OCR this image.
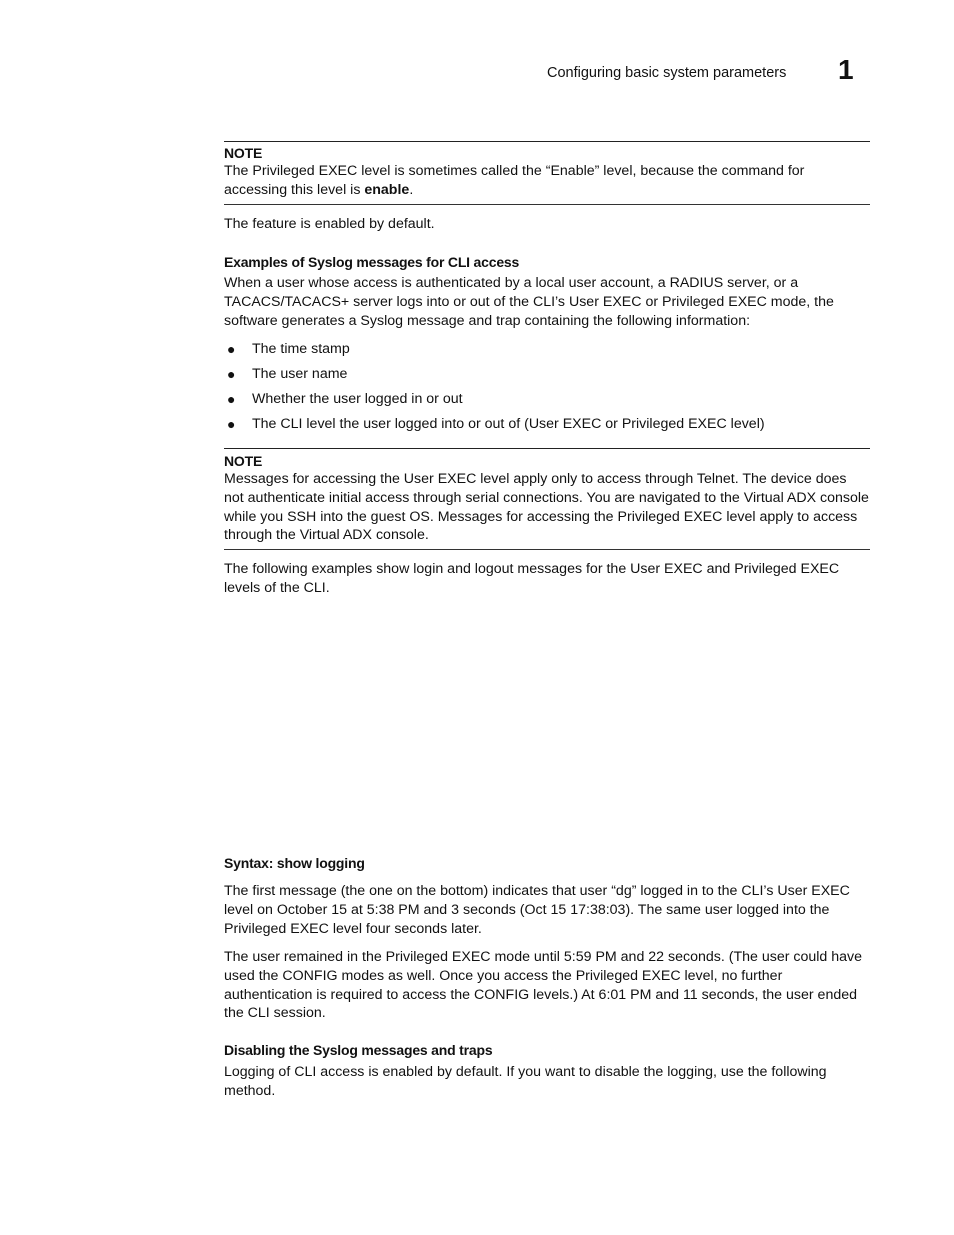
Configuring basic system parameters 1
NOTE

The Privileged EXEC level is sometimes called the “Enable” level, because the command for accessing this level is enable.

The feature is enabled by default.

Examples of Syslog messages for CLI access

When a user whose access is authenticated by a local user account, a RADIUS server, or a TACACS/TACACS+ server logs into or out of the CLI’s User EXEC or Privileged EXEC mode, the software generates a Syslog message and trap containing the following information:

● The time stamp
● The user name
● Whether the user logged in or out
● The CLI level the user logged into or out of (User EXEC or Privileged EXEC level)
NOTE

Messages for accessing the User EXEC level apply only to access through Telnet. The device does not authenticate initial access through serial connections. You are navigated to the Virtual ADX console while you SSH into the guest OS. Messages for accessing the Privileged EXEC level apply to access through the Virtual ADX console.

The following examples show login and logout messages for the User EXEC and Privileged EXEC levels of the CLI.

Syntax: show logging

The first message (the one on the bottom) indicates that user “dg” logged in to the CLI’s User EXEC level on October 15 at 5:38 PM and 3 seconds (Oct 15 17:38:03). The same user logged into the Privileged EXEC level four seconds later.

The user remained in the Privileged EXEC mode until 5:59 PM and 22 seconds. (The user could have used the CONFIG modes as well. Once you access the Privileged EXEC level, no further authentication is required to access the CONFIG levels.) At 6:01 PM and 11 seconds, the user ended the CLI session.

Disabling the Syslog messages and traps

Logging of CLI access is enabled by default. If you want to disable the logging, use the following method.
